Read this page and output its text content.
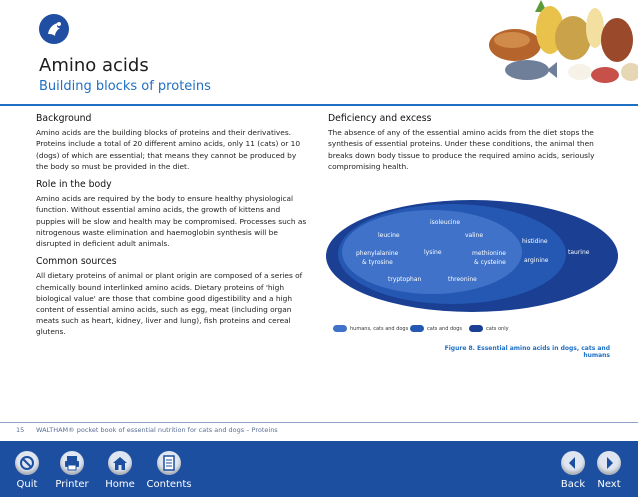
Amino acids
Building blocks of proteins
Background

Amino acids are the building blocks of proteins and their derivatives. Proteins include a total of 20 different amino acids, only 11 (cats) or 10 (dogs) of which are essential; that means they cannot be produced by the body so must be provided in the diet.

Role in the body

Amino acids are required by the body to ensure healthy physiological function. Without essential amino acids, the growth of kittens and puppies will be slow and health may be compromised. Processes such as nitrogenous waste elimination and haemoglobin synthesis will be disrupted in deficient adult animals.

Common sources

All dietary proteins of animal or plant origin are composed of a series of chemically bound interlinked amino acids. Dietary proteins of 'high biological value' are those that combine good digestibility and a high content of essential amino acids, such as egg, meat (including organ meats such as heart, kidney, liver and lung), fish proteins and cereal glutens.

Deficiency and excess

The absence of any of the essential amino acids from the diet stops the synthesis of essential proteins. Under these conditions, the animal then breaks down body tissue to produce the required amino acids, seriously compromising health.

isoleucine
leucine	valine
histidine
taurine
phenylalanine
& tyrosine
lysine	methionine
& cysteine	arginine
tryptophan	threonine
humans, cats and dogs	cats and dogs	cats only
Figure 8. Essential amino acids in dogs, cats and humans
15 WALTHAM® pocket book of essential nutrition for cats and dogs – Proteins
Quit	Printer	Home	Contents	Back	Next
